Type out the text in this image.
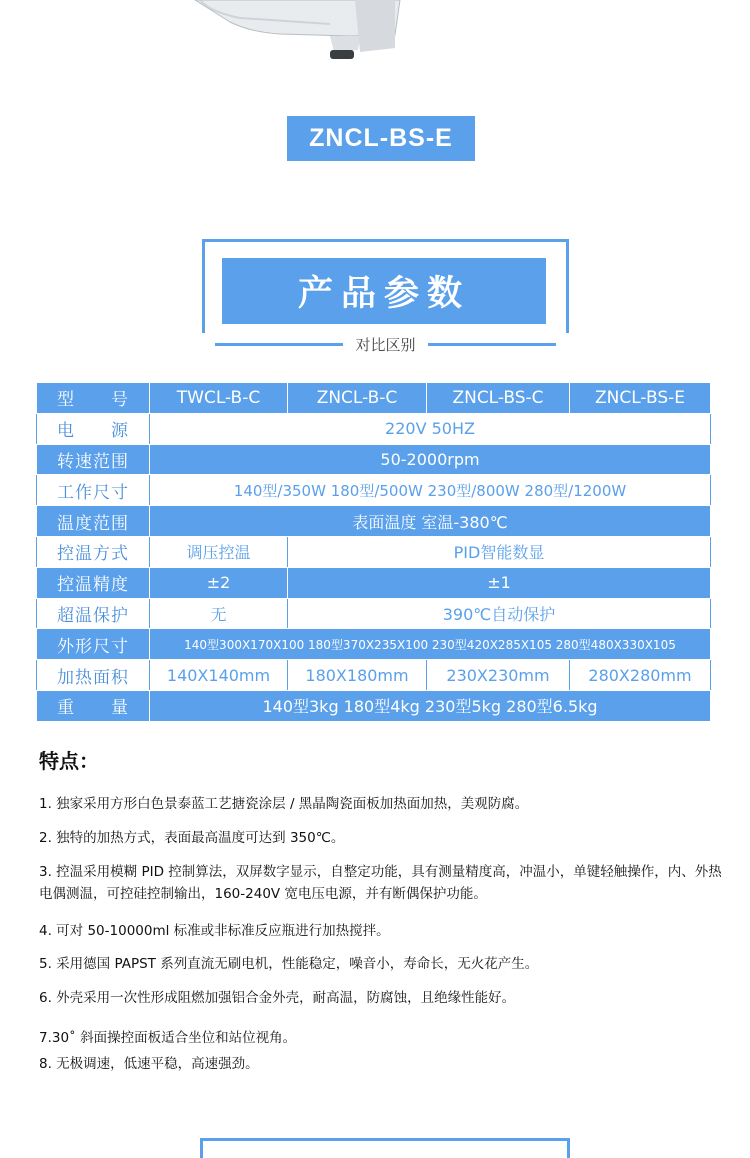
ZNCL-BS-E
产品参数
对比区别
型　　号	TWCL-B-C	ZNCL-B-C	ZNCL-BS-C	ZNCL-BS-E
电　　源	220V 50HZ			
转速范围	50-2000rpm			
工作尺寸	140型/350W 180型/500W 230型/800W 280型/1200W			
温度范围	表面温度 室温-380℃			
控温方式	调压控温	PID智能数显		
控温精度	±2	±1		
超温保护	无	390℃自动保护		
外形尺寸	140型300X170X100 180型370X235X100 230型420X285X105 280型480X330X105			
加热面积	140X140mm	180X180mm	230X230mm	280X280mm
重　　量	140型3kg 180型4kg 230型5kg 280型6.5kg			
特点：
1. 独家采用方形白色景泰蓝工艺搪瓷涂层 / 黑晶陶瓷面板加热面加热，美观防腐。
2. 独特的加热方式，表面最高温度可达到 350℃。
3. 控温采用模糊 PID 控制算法，双屏数字显示，自整定功能，具有测量精度高，冲温小，单键轻触操作，内、外热电偶测温，可控硅控制输出，160-240V 宽电压电源，并有断偶保护功能。
4. 可对 50-10000ml 标准或非标准反应瓶进行加热搅拌。
5. 采用德国 PAPST 系列直流无刷电机，性能稳定，噪音小，寿命长，无火花产生。
6. 外壳采用一次性形成阻燃加强铝合金外壳，耐高温，防腐蚀，且绝缘性能好。
7.30˚ 斜面操控面板适合坐位和站位视角。
8. 无极调速，低速平稳，高速强劲。
